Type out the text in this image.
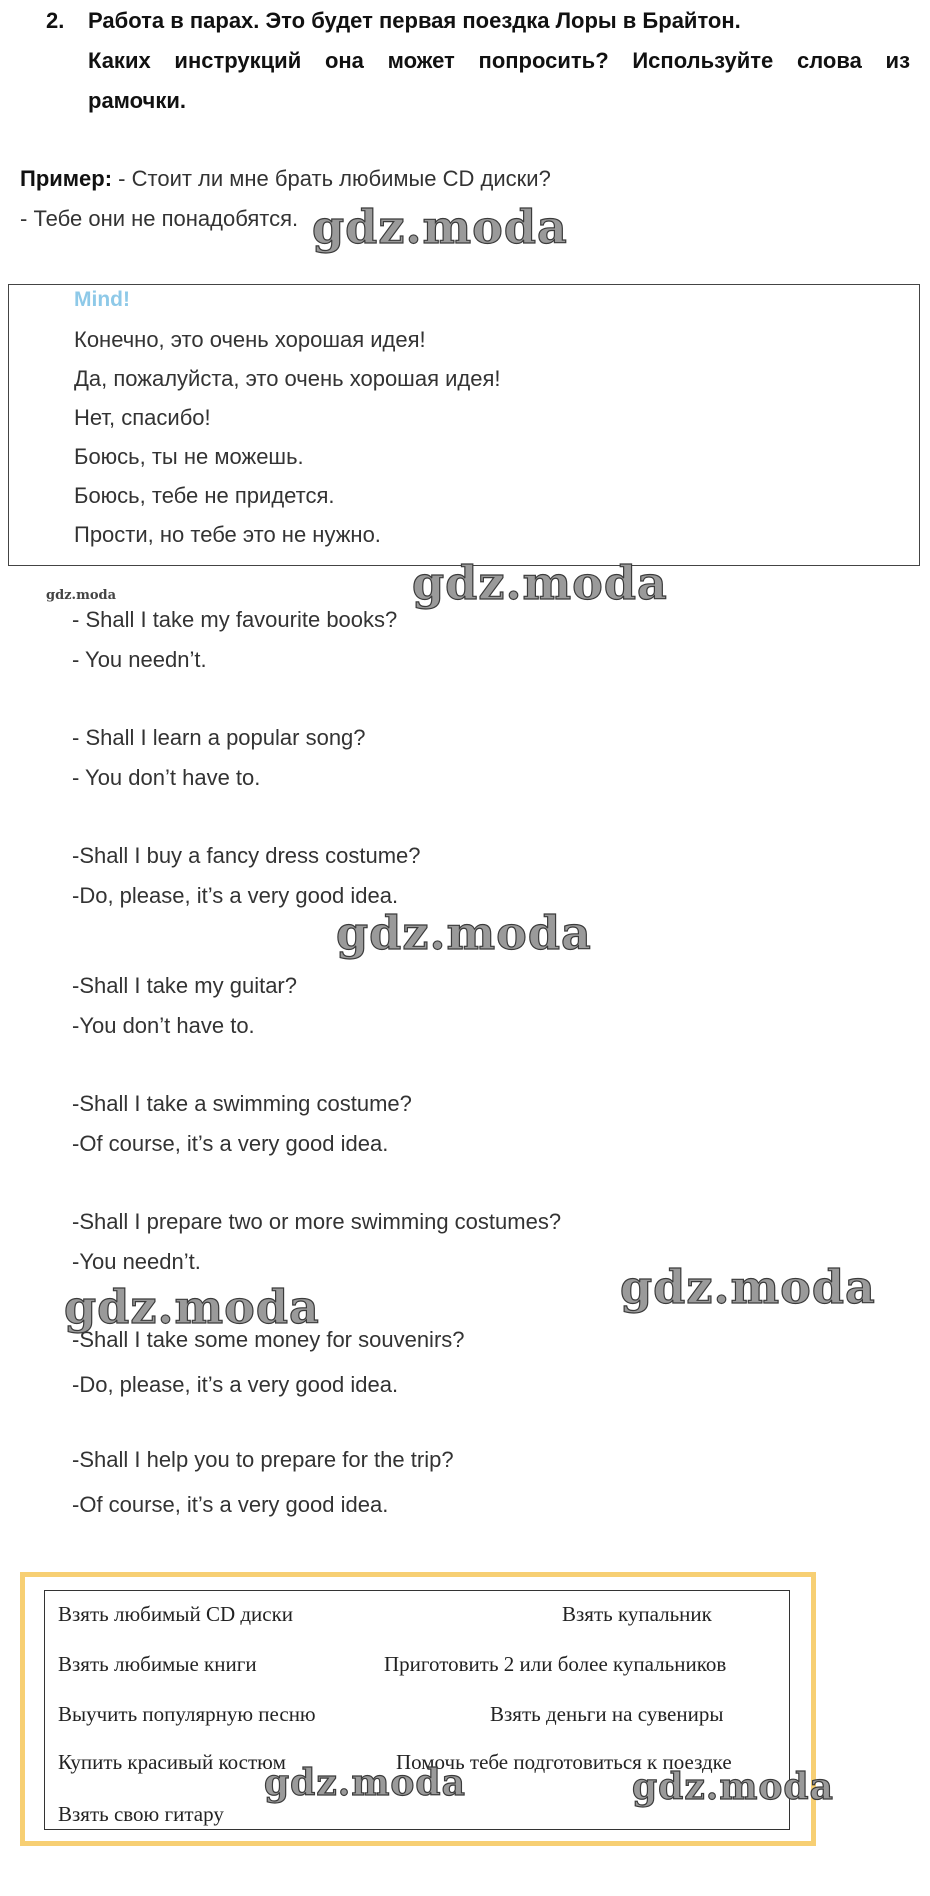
2. Работа в парах. Это будет первая поездка Лоры в Брайтон.
Каких инструкций она может попросить? Используйте слова из
рамочки.
Пример: - Стоит ли мне брать любимые CD диски?
- Тебе они не понадобятся.
Mind!
Конечно, это очень хорошая идея!
Да, пожалуйста, это очень хорошая идея!
Нет, спасибо!
Боюсь, ты не можешь.
Боюсь, тебе не придется.
Прости, но тебе это не нужно.
- Shall I take my favourite books?
- You needn’t.
- Shall I learn a popular song?
- You don’t have to.
-Shall I buy a fancy dress costume?
-Do, please, it’s a very good idea.
-Shall I take my guitar?
-You don’t have to.
-Shall I take a swimming costume?
-Of course, it’s a very good idea.
-Shall I prepare two or more swimming costumes?
-You needn’t.
-Shall I take some money for souvenirs?
-Do, please, it’s a very good idea.
-Shall I help you to prepare for the trip?
-Of course, it’s a very good idea.
Взять любимый CD диски
Взять любимые книги
Выучить популярную песню
Купить красивый костюм
Взять свою гитару
Взять купальник
Приготовить 2 или более купальников
Взять деньги на сувениры
Помочь тебе подготовиться к поездке
gdz.moda
gdz.moda
gdz.moda
gdz.moda
gdz.moda
gdz.moda
gdz.moda	gdz.moda
